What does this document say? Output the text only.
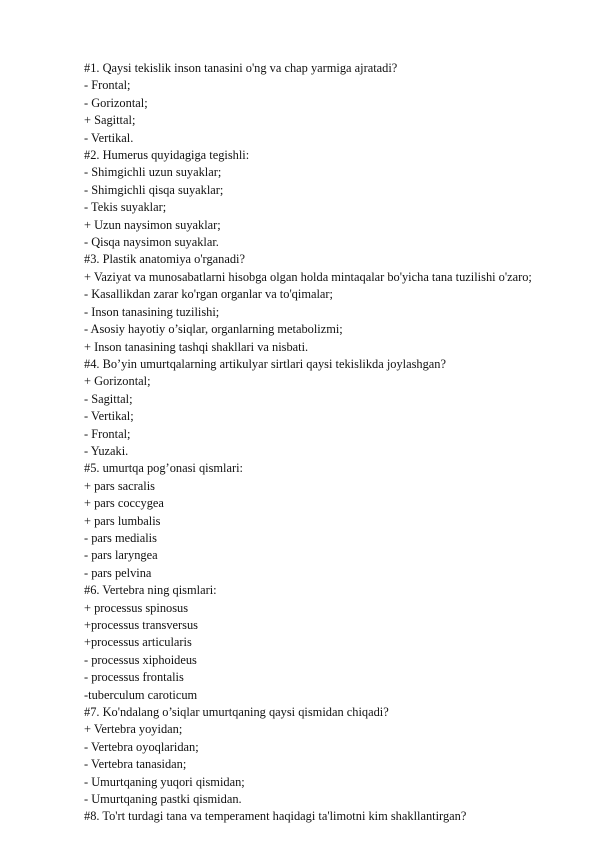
#1. Qaysi tekislik inson tanasini o'ng va chap yarmiga ajratadi?

- Frontal;

- Gorizontal;

+ Sagittal;

- Vertikal.

#2. Humerus quyidagiga tegishli:

- Shimgichli uzun suyaklar;

- Shimgichli qisqa suyaklar;

- Tekis suyaklar;

+ Uzun naysimon suyaklar;

- Qisqa naysimon suyaklar.

#3. Plastik anatomiya o'rganadi?

+ Vaziyat va munosabatlarni hisobga olgan holda mintaqalar bo'yicha tana tuzilishi o'zaro;

- Kasallikdan zarar ko'rgan organlar va to'qimalar;

- Inson tanasining tuzilishi;

- Asosiy hayotiy o’siqlar, organlarning metabolizmi;

+ Inson tanasining tashqi shakllari va nisbati.

#4. Bo’yin umurtqalarning artikulyar sirtlari qaysi tekislikda joylashgan?

+ Gorizontal;

- Sagittal;

- Vertikal;

- Frontal;

- Yuzaki.

#5. umurtqa pog’onasi qismlari:

+ pars sacralis

+ pars coccygea

+ pars lumbalis

- pars medialis

- pars laryngea

- pars pelvina

#6. Vertebra ning qismlari:

+ processus spinosus

+processus transversus

+processus articularis

- processus xiphoideus

- processus frontalis

-tuberculum caroticum

#7. Ko'ndalang o’siqlar umurtqaning qaysi qismidan chiqadi?

+ Vertebra yoyidan;

- Vertebra oyoqlaridan;

- Vertebra tanasidan;

- Umurtqaning yuqori qismidan;

- Umurtqaning pastki qismidan.

#8. To'rt turdagi tana va temperament haqidagi ta'limotni kim shakllantirgan?
